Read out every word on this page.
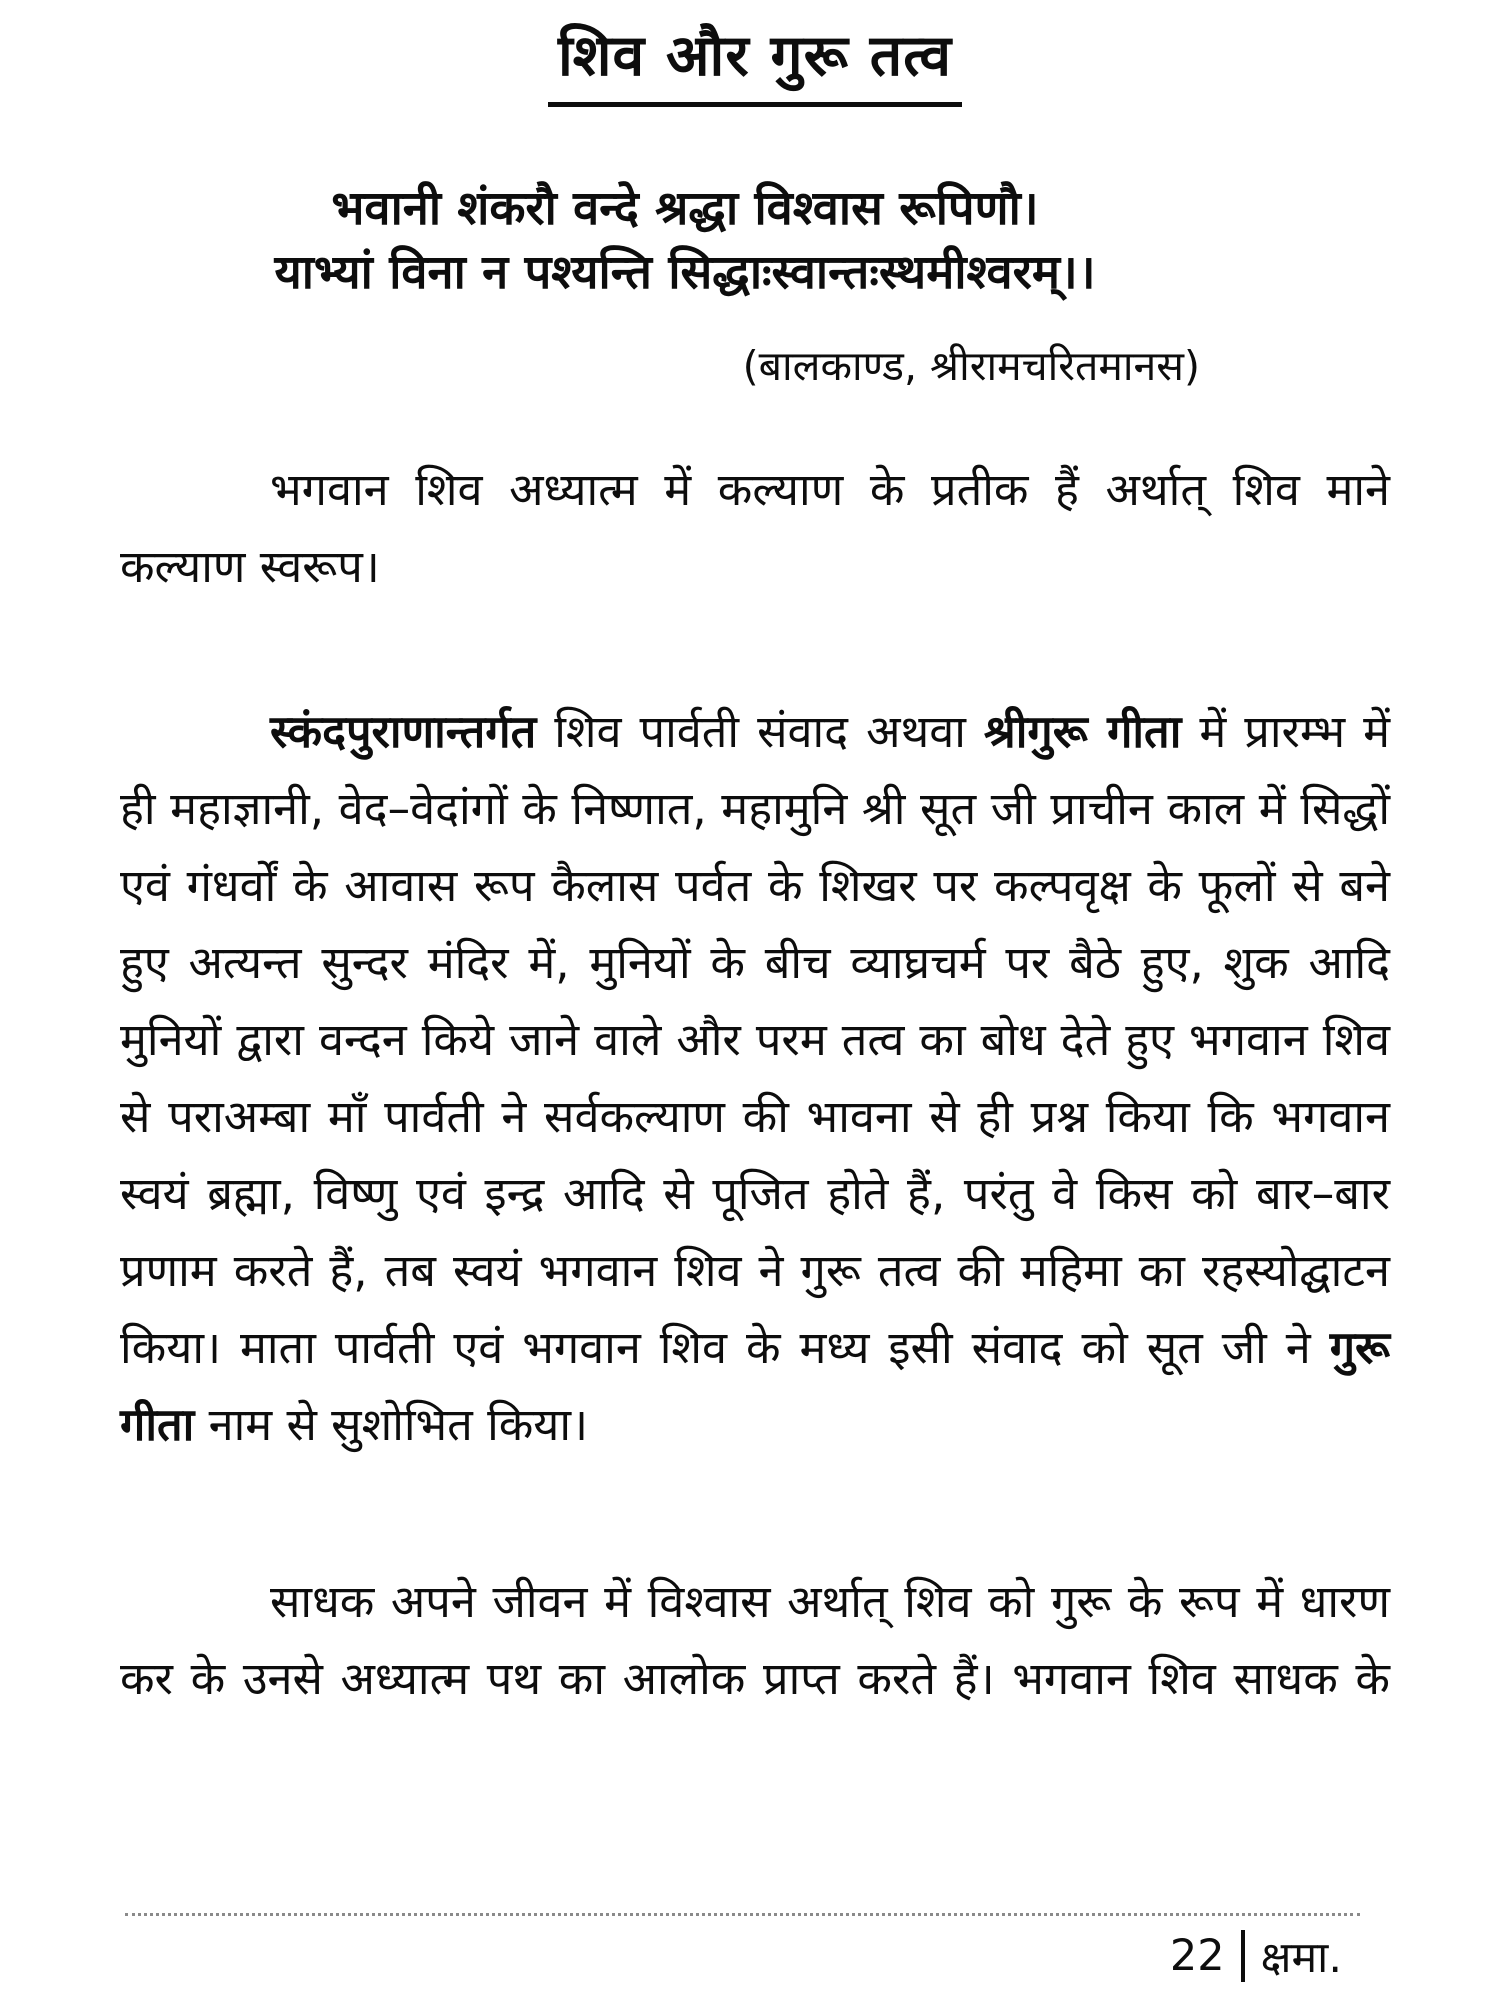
शिव और गुरू तत्व
भवानी शंकरौ वन्दे श्रद्धा विश्वास रूपिणौ।
याभ्यां विना न पश्यन्ति सिद्धाःस्वान्तःस्थमीश्वरम्।।
(बालकाण्ड, श्रीरामचरितमानस)

भगवान शिव अध्यात्म में कल्याण के प्रतीक हैं अर्थात् शिव माने कल्याण स्वरूप।

स्कंदपुराणान्तर्गत शिव पार्वती संवाद अथवा श्रीगुरू गीता में प्रारम्भ में ही महाज्ञानी, वेद–वेदांगों के निष्णात, महामुनि श्री सूत जी प्राचीन काल में सिद्धों एवं गंधर्वों के आवास रूप कैलास पर्वत के शिखर पर कल्पवृक्ष के फूलों से बने हुए अत्यन्त सुन्दर मंदिर में, मुनियों के बीच व्याघ्रचर्म पर बैठे हुए, शुक आदि मुनियों द्वारा वन्दन किये जाने वाले और परम तत्व का बोध देते हुए भगवान शिव से पराअम्बा माँ पार्वती ने सर्वकल्याण की भावना से ही प्रश्न किया कि भगवान स्वयं ब्रह्मा, विष्णु एवं इन्द्र आदि से पूजित होते हैं, परंतु वे किस को बार–बार प्रणाम करते हैं, तब स्वयं भगवान शिव ने गुरू तत्व की महिमा का रहस्योद्घाटन किया। माता पार्वती एवं भगवान शिव के मध्य इसी संवाद को सूत जी ने गुरू गीता नाम से सुशोभित किया।

साधक अपने जीवन में विश्वास अर्थात् शिव को गुरू के रूप में धारण कर के उनसे अध्यात्म पथ का आलोक प्राप्त करते हैं। भगवान शिव साधक के

22 क्षमा.
